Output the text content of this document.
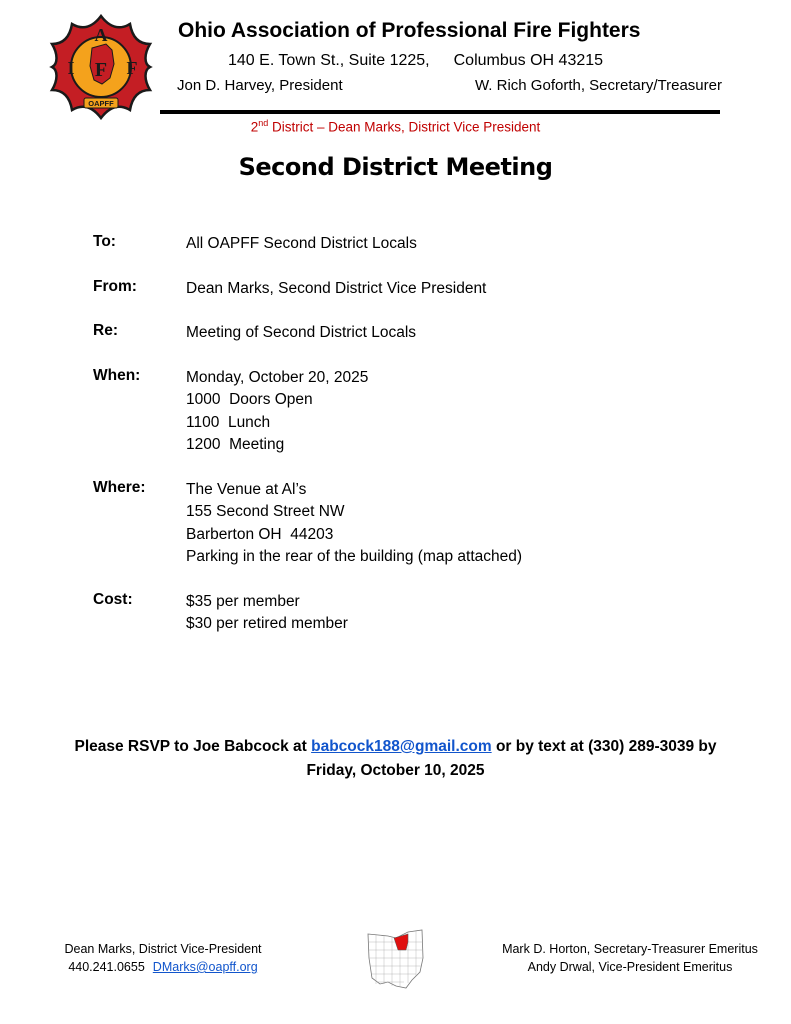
A
I F F
OAPFF
Ohio Association of Professional Fire Fighters
140 E. Town St., Suite 1225, Columbus OH 43215
Jon D. Harvey, President	W. Rich Goforth, Secretary/Treasurer
2nd District – Dean Marks, District Vice President
Second District Meeting
To:	All OAPFF Second District Locals
From:	Dean Marks, Second District Vice President
Re:	Meeting of Second District Locals
When:	Monday, October 20, 2025
1000  Doors Open
1100  Lunch
1200  Meeting
Where:	The Venue at Al’s
155 Second Street NW
Barberton OH  44203
Parking in the rear of the building (map attached)
Cost:	$35 per member
$30 per retired member
Please RSVP to Joe Babcock at babcock188@gmail.com or by text at (330) 289-3039 by
Friday, October 10, 2025
Dean Marks, District Vice-President
440.241.0655 DMarks@oapff.org
Mark D. Horton, Secretary-Treasurer Emeritus
Andy Drwal, Vice-President Emeritus
